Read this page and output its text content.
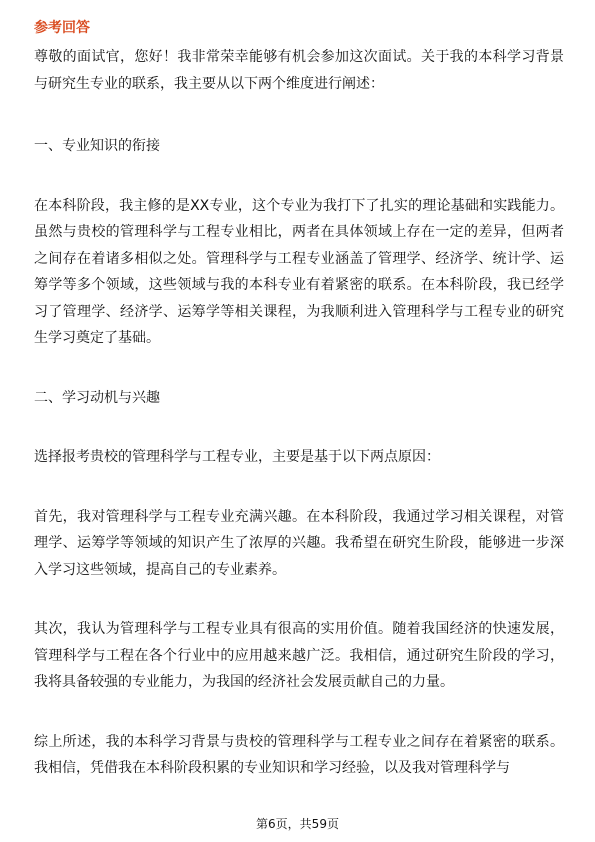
参考回答

尊敬的面试官，您好！我非常荣幸能够有机会参加这次面试。关于我的本科学习背景与研究生专业的联系，我主要从以下两个维度进行阐述：

一、专业知识的衔接

在本科阶段，我主修的是XX专业，这个专业为我打下了扎实的理论基础和实践能力。虽然与贵校的管理科学与工程专业相比，两者在具体领域上存在一定的差异，但两者之间存在着诸多相似之处。管理科学与工程专业涵盖了管理学、经济学、统计学、运筹学等多个领域，这些领域与我的本科专业有着紧密的联系。在本科阶段，我已经学习了管理学、经济学、运筹学等相关课程，为我顺利进入管理科学与工程专业的研究生学习奠定了基础。

二、学习动机与兴趣

选择报考贵校的管理科学与工程专业，主要是基于以下两点原因：

首先，我对管理科学与工程专业充满兴趣。在本科阶段，我通过学习相关课程，对管理学、运筹学等领域的知识产生了浓厚的兴趣。我希望在研究生阶段，能够进一步深入学习这些领域，提高自己的专业素养。

其次，我认为管理科学与工程专业具有很高的实用价值。随着我国经济的快速发展，管理科学与工程在各个行业中的应用越来越广泛。我相信，通过研究生阶段的学习，我将具备较强的专业能力，为我国的经济社会发展贡献自己的力量。

综上所述，我的本科学习背景与贵校的管理科学与工程专业之间存在着紧密的联系。我相信，凭借我在本科阶段积累的专业知识和学习经验，以及我对管理科学与

第6页，共59页
